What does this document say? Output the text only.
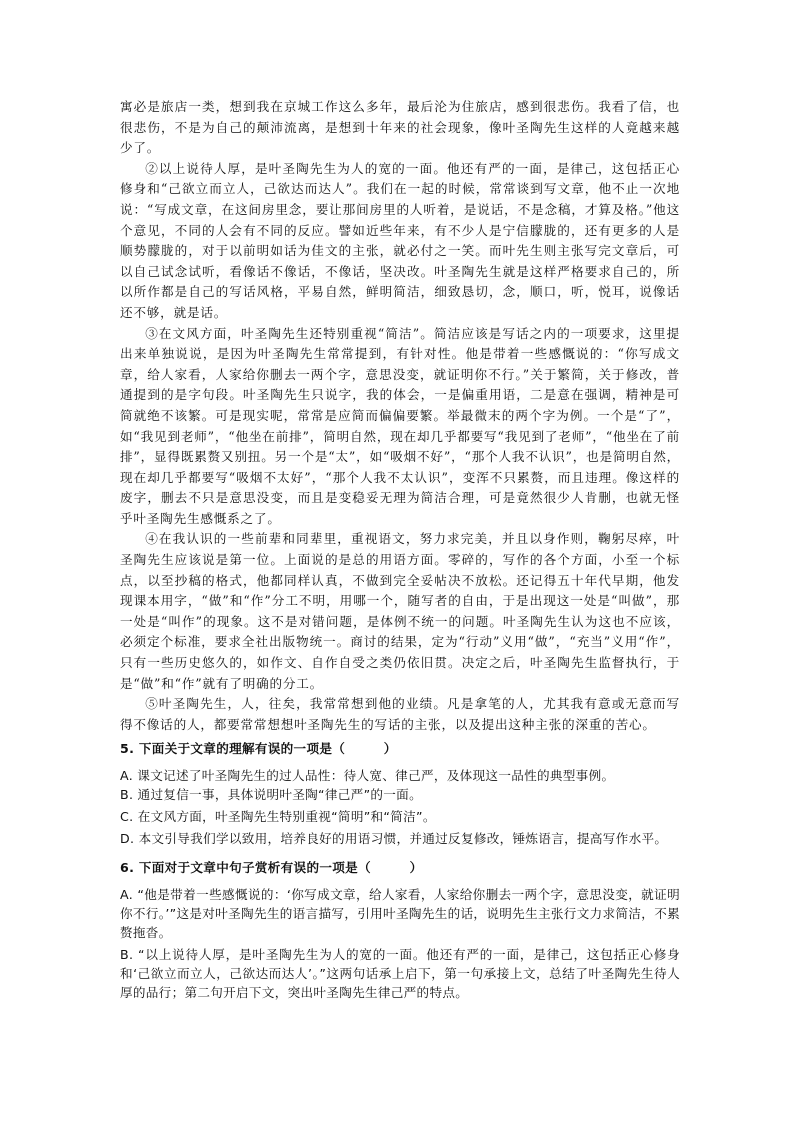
寓必是旅店一类，想到我在京城工作这么多年，最后沦为住旅店，感到很悲伤。我看了信，也很悲伤，不是为自己的颠沛流离，是想到十年来的社会现象，像叶圣陶先生这样的人竟越来越少了。

②以上说待人厚，是叶圣陶先生为人的宽的一面。他还有严的一面，是律己，这包括正心修身和“己欲立而立人，己欲达而达人”。我们在一起的时候，常常谈到写文章，他不止一次地说：“写成文章，在这间房里念，要让那间房里的人听着，是说话，不是念稿，才算及格。”他这个意见，不同的人会有不同的反应。譬如近些年来，有不少人是宁信朦胧的，还有更多的人是顺势朦胧的，对于以前明如话为佳文的主张，就必付之一笑。而叶先生则主张写完文章后，可以自己试念试听，看像话不像话，不像话，坚决改。叶圣陶先生就是这样严格要求自己的，所以所作都是自己的写话风格，平易自然，鲜明简洁，细致恳切，念，顺口，听，悦耳，说像话还不够，就是话。

③在文风方面，叶圣陶先生还特别重视“简洁”。简洁应该是写话之内的一项要求，这里提出来单独说说，是因为叶圣陶先生常常提到，有针对性。他是带着一些感慨说的：“你写成文章，给人家看，人家给你删去一两个字，意思没变，就证明你不行。”关于繁简，关于修改，普通提到的是字句段。叶圣陶先生只说字，我的体会，一是偏重用语，二是意在强调，精神是可简就绝不该繁。可是现实呢，常常是应简而偏偏要繁。举最微末的两个字为例。一个是“了”，如“我见到老师”，“他坐在前排”，简明自然，现在却几乎都要写“我见到了老师”，“他坐在了前排”，显得既累赘又别扭。另一个是“太”，如“吸烟不好”，“那个人我不认识”，也是简明自然，现在却几乎都要写“吸烟不太好”，“那个人我不太认识”，变浑不只累赘，而且违理。像这样的废字，删去不只是意思没变，而且是变稳妥无理为简洁合理，可是竟然很少人肯删，也就无怪乎叶圣陶先生感慨系之了。

④在我认识的一些前辈和同辈里，重视语文，努力求完美，并且以身作则，鞠躬尽瘁，叶圣陶先生应该说是第一位。上面说的是总的用语方面。零碎的，写作的各个方面，小至一个标点，以至抄稿的格式，他都同样认真，不做到完全妥帖决不放松。还记得五十年代早期，他发现课本用字，“做”和“作”分工不明，用哪一个，随写者的自由，于是出现这一处是“叫做”，那一处是“叫作”的现象。这不是对错问题，是体例不统一的问题。叶圣陶先生认为这也不应该，必须定个标准，要求全社出版物统一。商讨的结果，定为“行动”义用“做”，“充当”义用“作”，只有一些历史悠久的，如作文、自作自受之类仍依旧贯。决定之后，叶圣陶先生监督执行，于是“做”和“作”就有了明确的分工。

⑤叶圣陶先生，人，往矣，我常常想到他的业绩。凡是拿笔的人，尤其我有意或无意而写得不像话的人，都要常常想想叶圣陶先生的写话的主张，以及提出这种主张的深重的苦心。

5. 下面关于文章的理解有误的一项是（　　　）

A. 课文记述了叶圣陶先生的过人品性：待人宽、律己严，及体现这一品性的典型事例。

B. 通过复信一事，具体说明叶圣陶“律己严”的一面。

C. 在文风方面，叶圣陶先生特别重视“简明”和“简洁”。

D. 本文引导我们学以致用，培养良好的用语习惯，并通过反复修改，锤炼语言，提高写作水平。

6. 下面对于文章中句子赏析有误的一项是（　　　）

A. “他是带着一些感慨说的：‘你写成文章，给人家看，人家给你删去一两个字，意思没变，就证明你不行。’”这是对叶圣陶先生的语言描写，引用叶圣陶先生的话，说明先生主张行文力求简洁，不累赘拖沓。

B. “以上说待人厚，是叶圣陶先生为人的宽的一面。他还有严的一面，是律己，这包括正心修身和‘己欲立而立人，己欲达而达人’。”这两句话承上启下，第一句承接上文，总结了叶圣陶先生待人厚的品行；第二句开启下文，突出叶圣陶先生律己严的特点。
